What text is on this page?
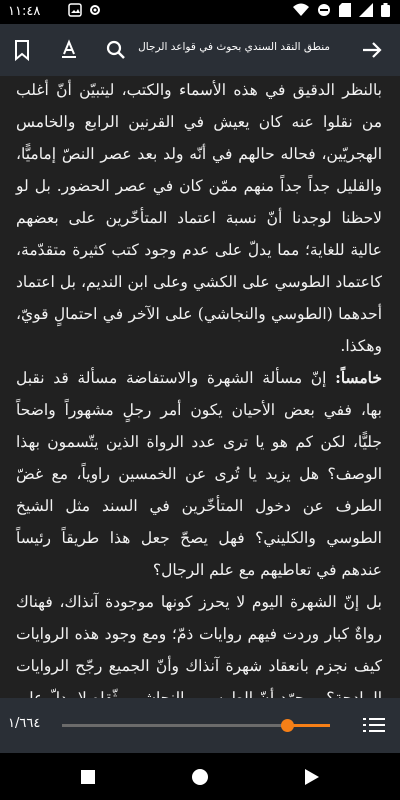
١١:٤٨
منطق النقد السندي بحوث في قواعد الرجال

بالنظر الدقيق في هذه الأسماء والكتب، ليتبيّن أنّ أغلب من نقلوا عنه كان يعيش في القرنين الرابع والخامس الهجريّين، فحاله حالهم في أنّه ولد بعد عصر النصّ إماميًّا، والقليل جداً جداً منهم ممّن كان في عصر الحضور. بل لو لاحظنا لوجدنا أنّ نسبة اعتماد المتأخّرين على بعضهم عالية للغاية؛ مما يدلّ على عدم وجود كتب كثيرة متقدّمة، كاعتماد الطوسي على الكشي وعلى ابن النديم، بل اعتماد أحدهما (الطوسي والنجاشي) على الآخر في احتمالٍ قويّ، وهكذا.

خامساً: إنّ مسألة الشهرة والاستفاضة مسألة قد نقبل بها، ففي بعض الأحيان يكون أمر رجلٍ مشهوراً واضحاً جليًّا، لكن كم هو يا ترى عدد الرواة الذين يتّسمون بهذا الوصف؟ هل يزيد يا تُرى عن الخمسين راوياً، مع غضّ الطرف عن دخول المتأخّرين في السند مثل الشيخ الطوسي والكليني؟ فهل يصحّ جعل هذا طريقاً رئيساً عندهم في تعاطيهم مع علم الرجال؟

بل إنّ الشهرة اليوم لا يحرز كونها موجودة آنذاك، فهناك رواةٌ كبار وردت فيهم روايات ذمّ؛ ومع وجود هذه الروايات كيف نجزم بانعقاد شهرة آنذاك وأنّ الجميع رجّح الروايات

١/٦٦٤
